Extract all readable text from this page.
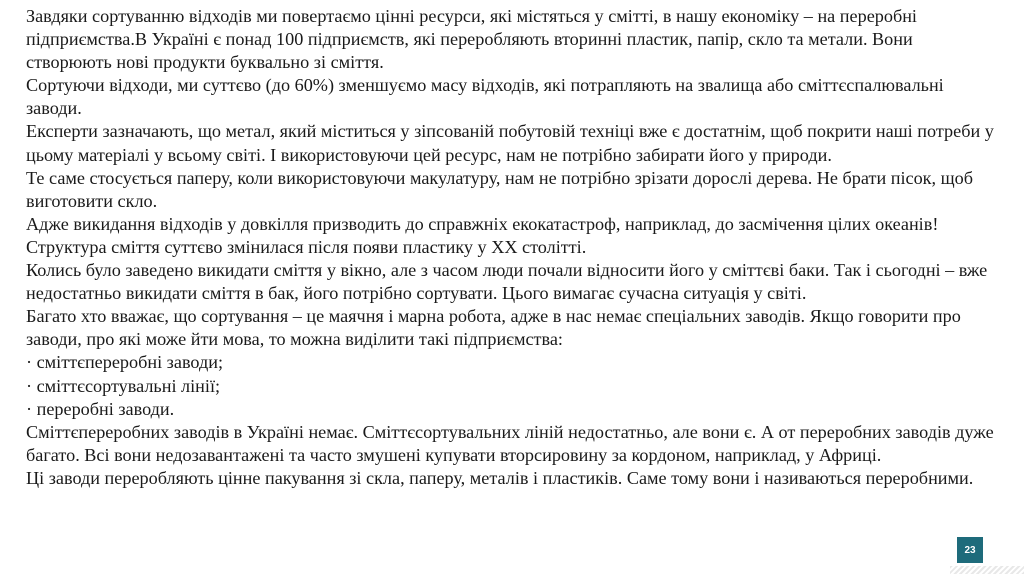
Завдяки сортуванню відходів ми повертаємо цінні ресурси, які містяться у смітті, в нашу економіку – на переробні підприємства.В Україні є понад 100 підприємств, які переробляють вторинні пластик, папір, скло та метали. Вони створюють нові продукти буквально зі сміття.

Сортуючи відходи, ми суттєво (до 60%) зменшуємо масу відходів, які потрапляють на звалища або сміттєспалювальні заводи.

Експерти зазначають, що метал, який міститься у зіпсованій побутовій техніці вже є достатнім, щоб покрити наші потреби у цьому матеріалі у всьому світі. І використовуючи цей ресурс, нам не потрібно забирати його у природи.

Те саме стосується паперу, коли використовуючи макулатуру, нам не потрібно зрізати дорослі дерева. Не брати пісок, щоб виготовити скло.

Адже викидання відходів у довкілля призводить до справжніх екокатастроф, наприклад, до засмічення цілих океанів!

Структура сміття суттєво змінилася після появи пластику у XX столітті.

Колись було заведено викидати сміття у вікно, але з часом люди почали відносити його у сміттєві баки. Так і сьогодні – вже недостатньо викидати сміття в бак, його потрібно сортувати. Цього вимагає сучасна ситуація у світі.

Багато хто вважає, що сортування – це маячня і марна робота, адже в нас немає спеціальних заводів. Якщо говорити про заводи, про які може йти мова, то можна виділити такі підприємства:

· сміттєпереробні заводи;

· сміттєсортувальні лінії;

· переробні заводи.

Сміттєпереробних заводів в Україні немає. Сміттєсортувальних ліній недостатньо, але вони є. А от переробних заводів дуже багато. Всі вони недозавантажені та часто змушені купувати вторсировину за кордоном, наприклад, у Африці.

Ці заводи переробляють цінне пакування зі скла, паперу, металів і пластиків. Саме тому вони і називаються переробними.

23
